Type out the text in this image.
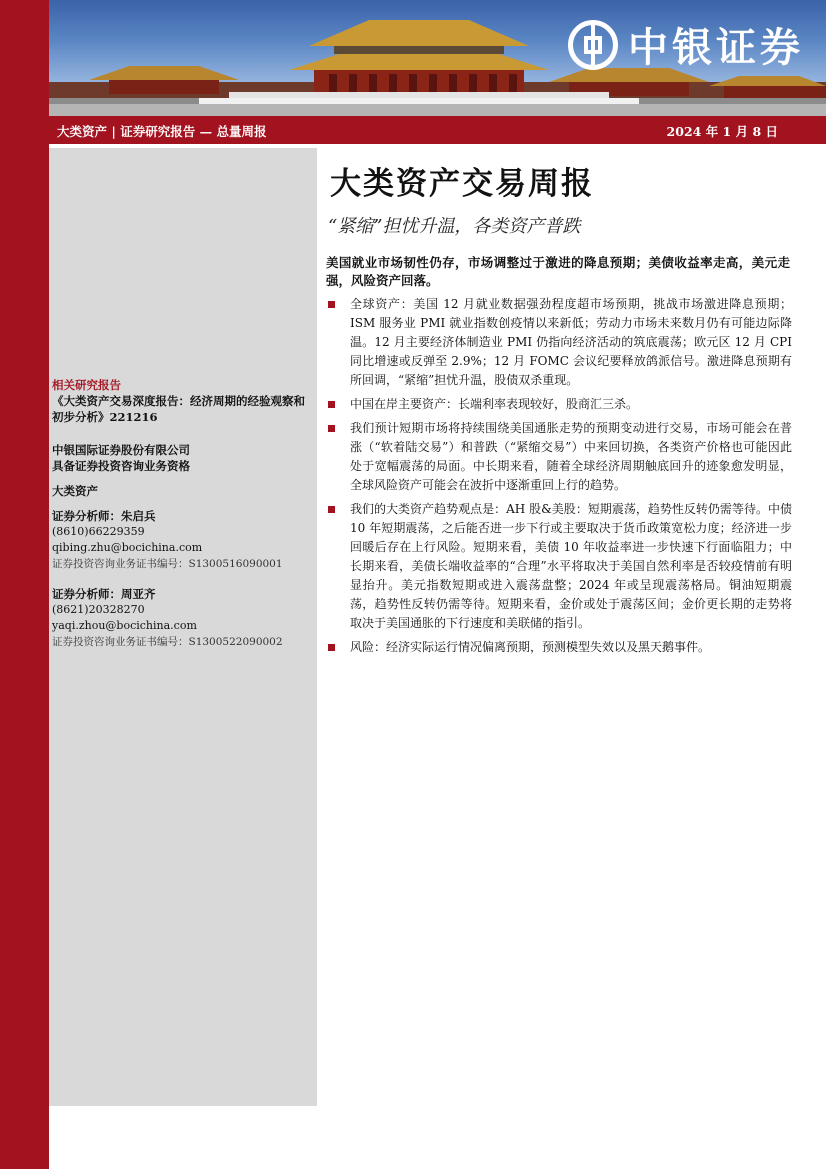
中银证券
大类资产 | 证券研究报告 — 总量周报	2024 年 1 月 8 日
相关研究报告
《大类资产交易深度报告：经济周期的经验观察和初步分析》221216
中银国际证券股份有限公司
具备证券投资咨询业务资格
大类资产
证券分析师：朱启兵
(8610)66229359
qibing.zhu@bocichina.com
证券投资咨询业务证书编号：S1300516090001
证券分析师：周亚齐
(8621)20328270
yaqi.zhou@bocichina.com
证券投资咨询业务证书编号：S1300522090002
大类资产交易周报
“紧缩”担忧升温，各类资产普跌
美国就业市场韧性仍存，市场调整过于激进的降息预期；美债收益率走高，美元走强，风险资产回落。
全球资产：美国 12 月就业数据强劲程度超市场预期，挑战市场激进降息预期；ISM 服务业 PMI 就业指数创疫情以来新低；劳动力市场未来数月仍有可能边际降温。12 月主要经济体制造业 PMI 仍指向经济活动的筑底震荡；欧元区 12 月 CPI 同比增速或反弹至 2.9%；12 月 FOMC 会议纪要释放鸽派信号。激进降息预期有所回调，“紧缩”担忧升温，股债双杀重现。
中国在岸主要资产：长端利率表现较好，股商汇三杀。
我们预计短期市场将持续围绕美国通胀走势的预期变动进行交易，市场可能会在普涨（“软着陆交易”）和普跌（“紧缩交易”）中来回切换，各类资产价格也可能因此处于宽幅震荡的局面。中长期来看，随着全球经济周期触底回升的迹象愈发明显，全球风险资产可能会在波折中逐渐重回上行的趋势。
我们的大类资产趋势观点是：AH 股&美股：短期震荡，趋势性反转仍需等待。中债 10 年短期震荡，之后能否进一步下行或主要取决于货币政策宽松力度；经济进一步回暖后存在上行风险。短期来看，美债 10 年收益率进一步快速下行面临阻力；中长期来看，美债长端收益率的“合理”水平将取决于美国自然利率是否较疫情前有明显抬升。美元指数短期或进入震荡盘整；2024 年或呈现震荡格局。铜油短期震荡，趋势性反转仍需等待。短期来看，金价或处于震荡区间；金价更长期的走势将取决于美国通胀的下行速度和美联储的指引。
风险：经济实际运行情况偏离预期，预测模型失效以及黑天鹅事件。
